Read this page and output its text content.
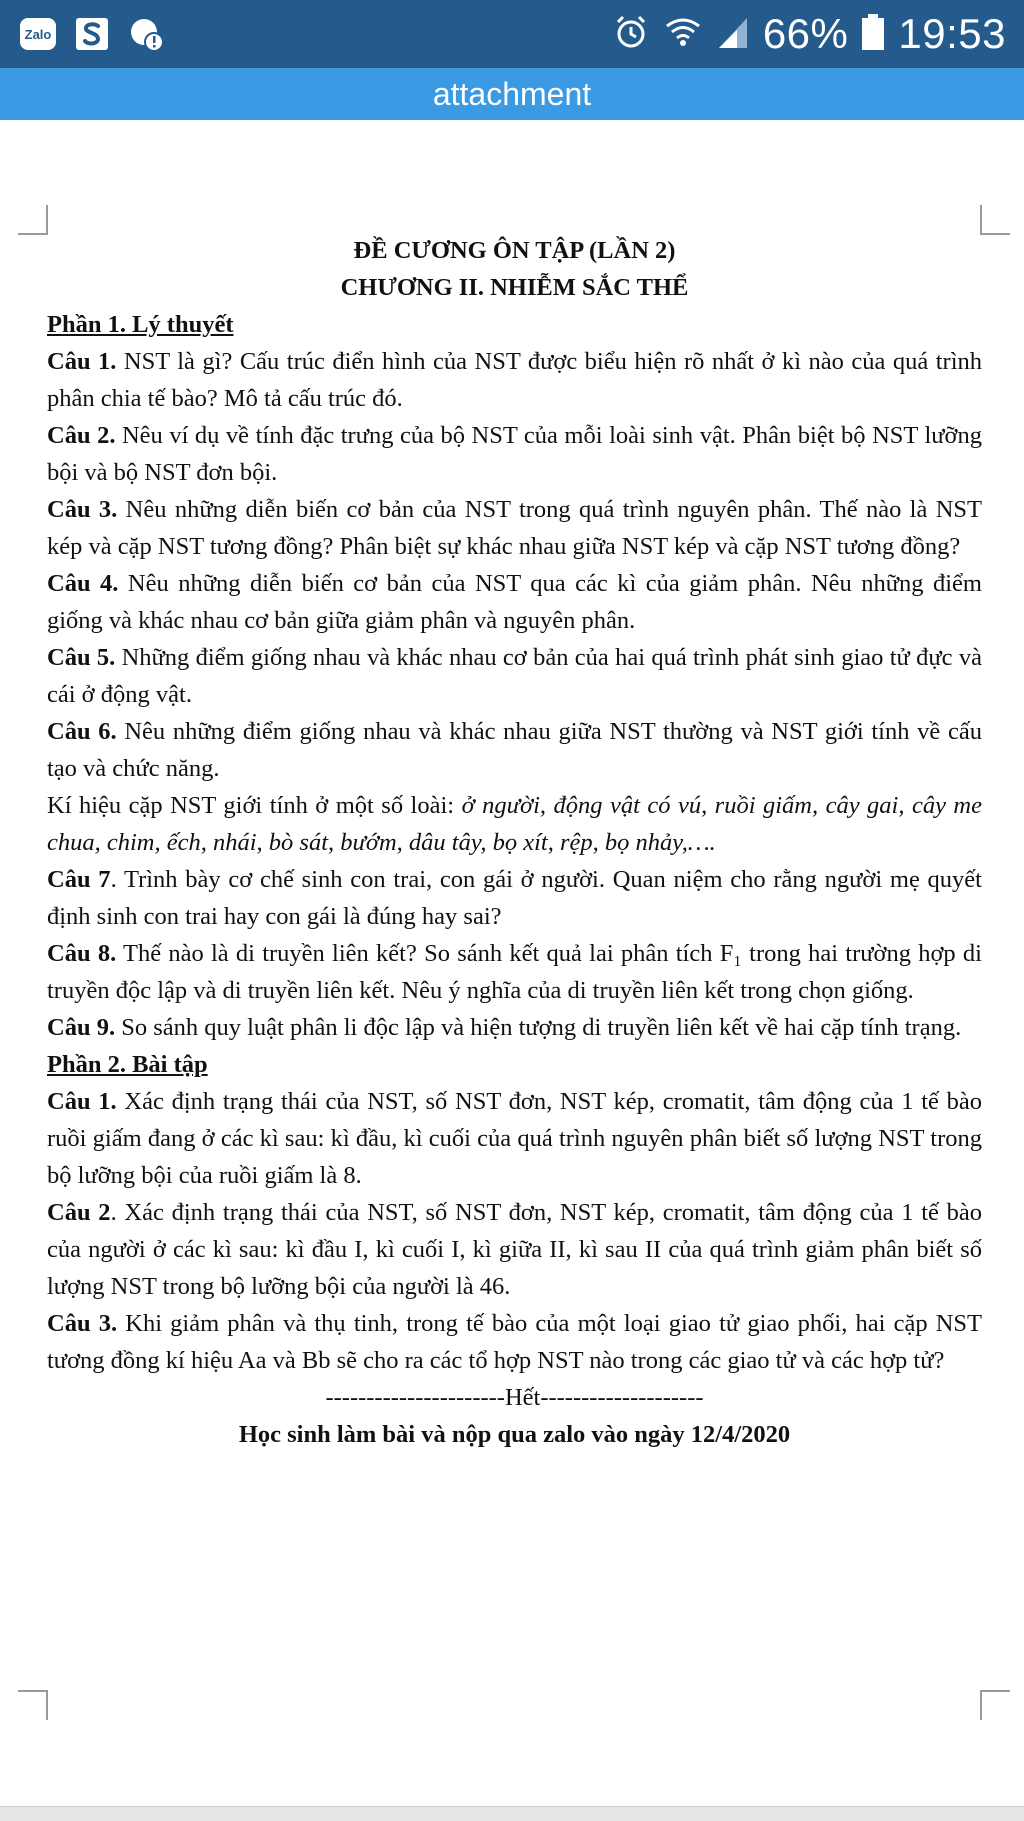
Zalo	66% 19:53
attachment
ĐỀ CƯƠNG ÔN TẬP (LẦN 2)
CHƯƠNG II. NHIỄM SẮC THỂ
Phần 1. Lý thuyết

Câu 1. NST là gì? Cấu trúc điển hình của NST được biểu hiện rõ nhất ở kì nào của quá trình phân chia tế bào? Mô tả cấu trúc đó.

Câu 2. Nêu ví dụ về tính đặc trưng của bộ NST của mỗi loài sinh vật. Phân biệt bộ NST lưỡng bội và bộ NST đơn bội.

Câu 3. Nêu những diễn biến cơ bản của NST trong quá trình nguyên phân. Thế nào là NST kép và cặp NST tương đồng? Phân biệt sự khác nhau giữa NST kép và cặp NST tương đồng?

Câu 4. Nêu những diễn biến cơ bản của NST qua các kì của giảm phân. Nêu những điểm giống và khác nhau cơ bản giữa giảm phân và nguyên phân.

Câu 5. Những điểm giống nhau và khác nhau cơ bản của hai quá trình phát sinh giao tử đực và cái ở động vật.

Câu 6. Nêu những điểm giống nhau và khác nhau giữa NST thường và NST giới tính về cấu tạo và chức năng.

Kí hiệu cặp NST giới tính ở một số loài: ở người, động vật có vú, ruồi giấm, cây gai, cây me chua, chim, ếch, nhái, bò sát, bướm, dâu tây, bọ xít, rệp, bọ nhảy,….

Câu 7. Trình bày cơ chế sinh con trai, con gái ở người. Quan niệm cho rằng người mẹ quyết định sinh con trai hay con gái là đúng hay sai?

Câu 8. Thế nào là di truyền liên kết? So sánh kết quả lai phân tích F₁ trong hai trường hợp di truyền độc lập và di truyền liên kết. Nêu ý nghĩa của di truyền liên kết trong chọn giống.

Câu 9. So sánh quy luật phân li độc lập và hiện tượng di truyền liên kết về hai cặp tính trạng.

Phần 2. Bài tập

Câu 1. Xác định trạng thái của NST, số NST đơn, NST kép, cromatit, tâm động của 1 tế bào ruồi giấm đang ở các kì sau: kì đầu, kì cuối của quá trình nguyên phân biết số lượng NST trong bộ lưỡng bội của ruồi giấm là 8.

Câu 2. Xác định trạng thái của NST, số NST đơn, NST kép, cromatit, tâm động của 1 tế bào của người ở các kì sau: kì đầu I, kì cuối I, kì giữa II, kì sau II của quá trình giảm phân biết số lượng NST trong bộ lưỡng bội của người là 46.

Câu 3. Khi giảm phân và thụ tinh, trong tế bào của một loại giao tử giao phối, hai cặp NST tương đồng kí hiệu Aa và Bb sẽ cho ra các tổ hợp NST nào trong các giao tử và các hợp tử?

----------------------Hết--------------------
Học sinh làm bài và nộp qua zalo vào ngày 12/4/2020
